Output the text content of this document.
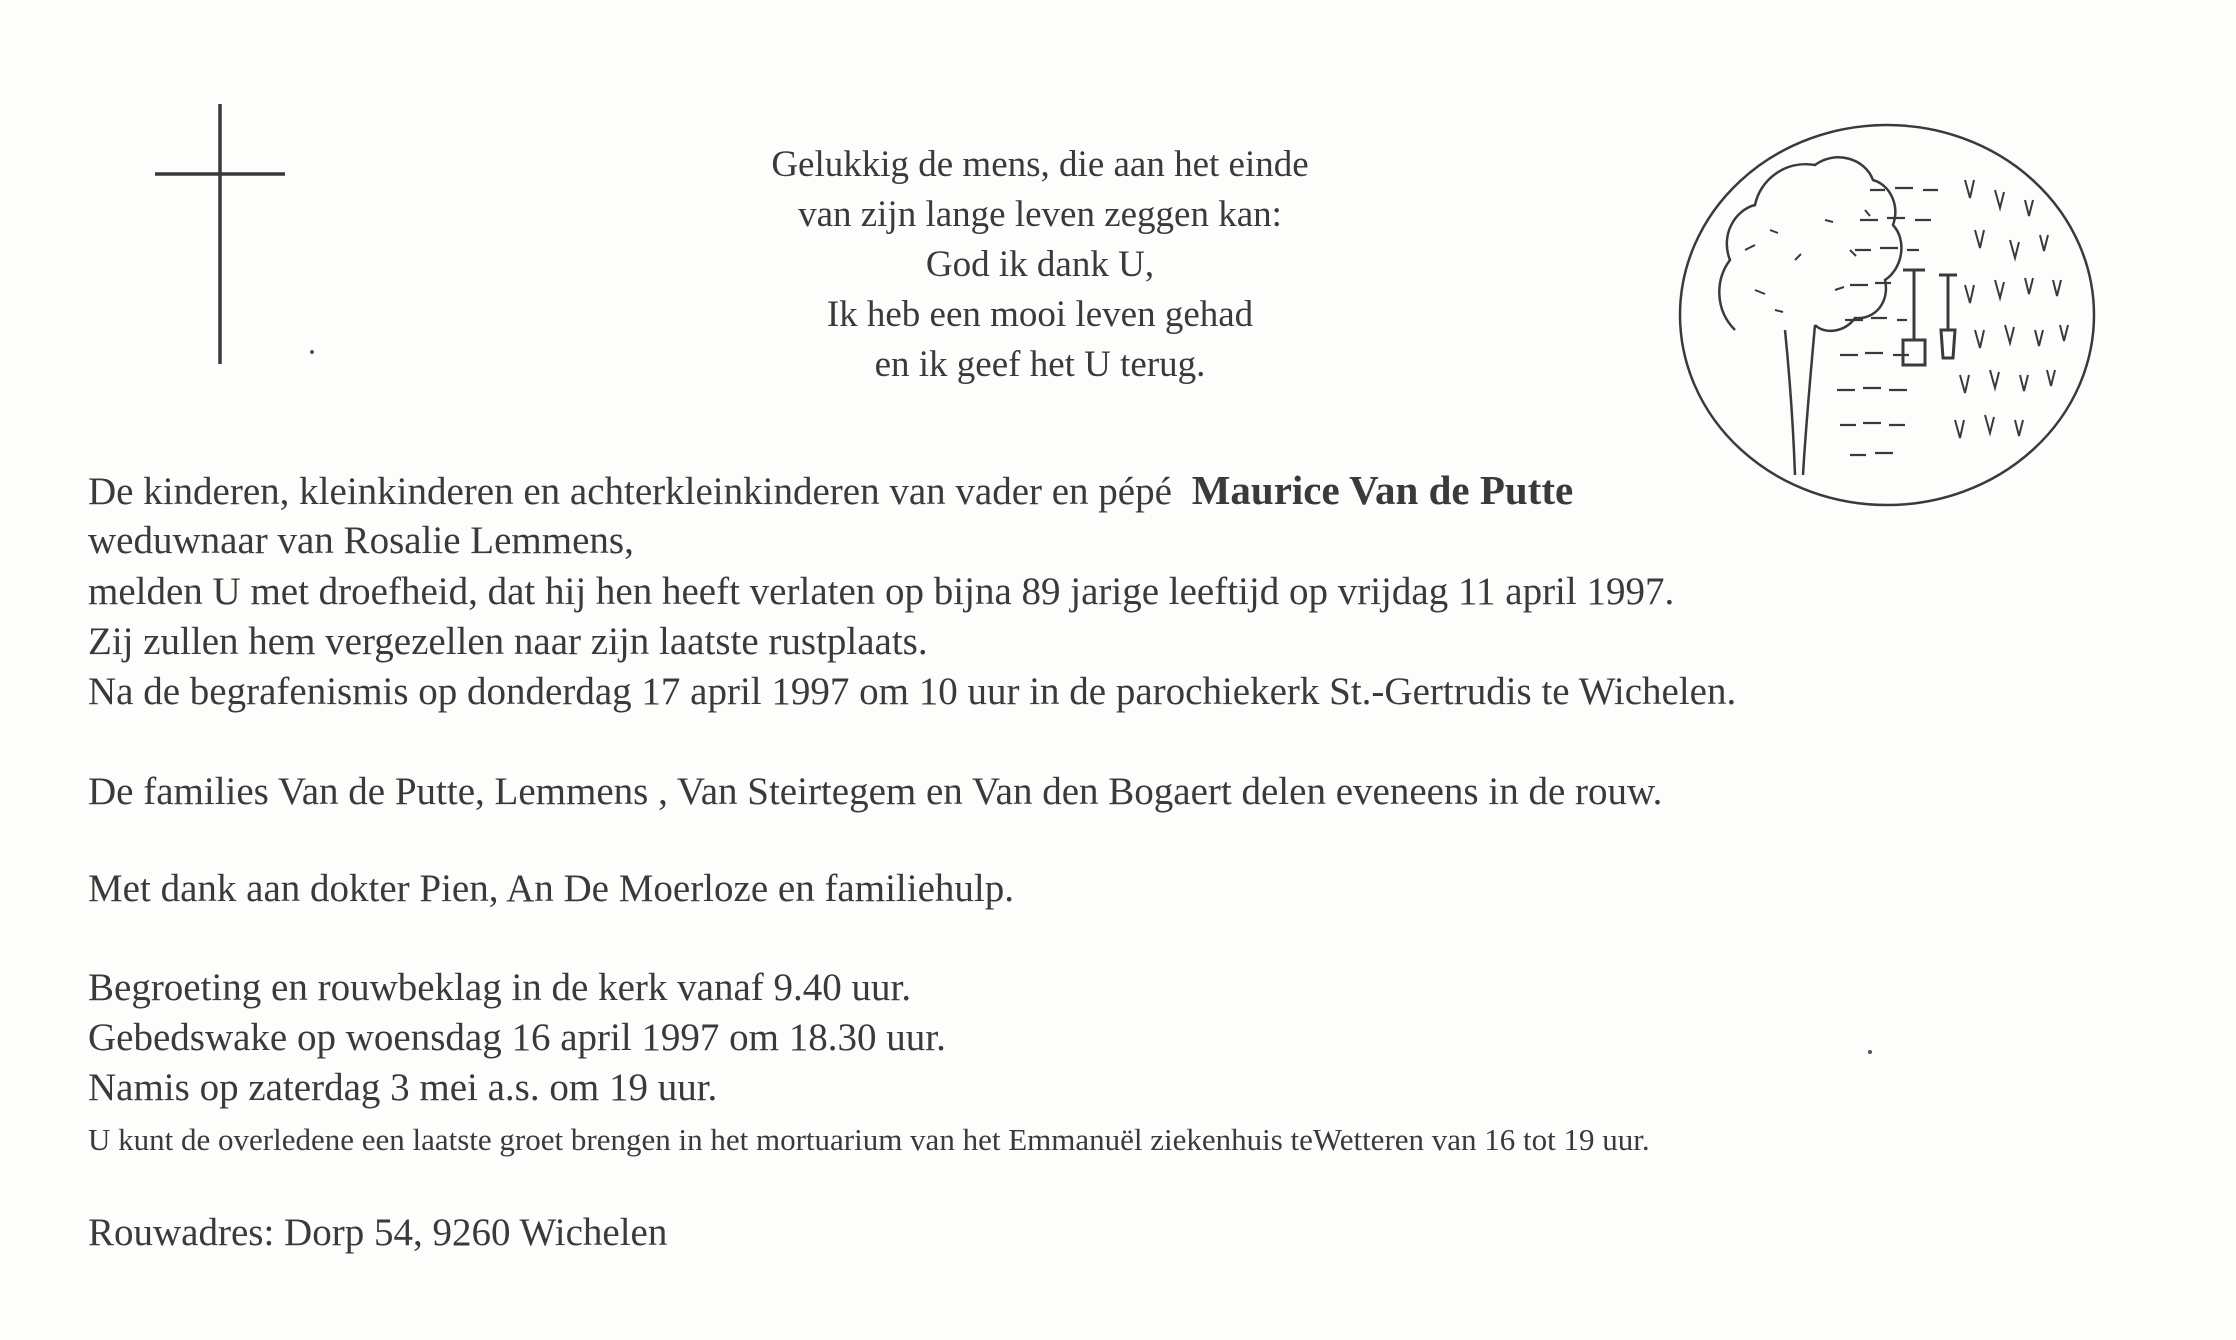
Gelukkig de mens, die aan het einde
van zijn lange leven zeggen kan:
God ik dank U,
Ik heb een mooi leven gehad
en ik geef het U terug.
De kinderen, kleinkinderen en achterkleinkinderen van vader en pépé Maurice Van de Putte
weduwnaar van Rosalie Lemmens,
melden U met droefheid, dat hij hen heeft verlaten op bijna 89 jarige leeftijd op vrijdag 11 april 1997.
Zij zullen hem vergezellen naar zijn laatste rustplaats.
Na de begrafenismis op donderdag 17 april 1997 om 10 uur in de parochiekerk St.-Gertrudis te Wichelen.
De families Van de Putte, Lemmens , Van Steirtegem en Van den Bogaert delen eveneens in de rouw.
Met dank aan dokter Pien, An De Moerloze en familiehulp.
Begroeting en rouwbeklag in de kerk vanaf 9.40 uur.
Gebedswake op woensdag 16 april 1997 om 18.30 uur.
Namis op zaterdag 3 mei a.s. om 19 uur.
U kunt de overledene een laatste groet brengen in het mortuarium van het Emmanuël ziekenhuis teWetteren van 16 tot 19 uur.
Rouwadres: Dorp 54, 9260 Wichelen
